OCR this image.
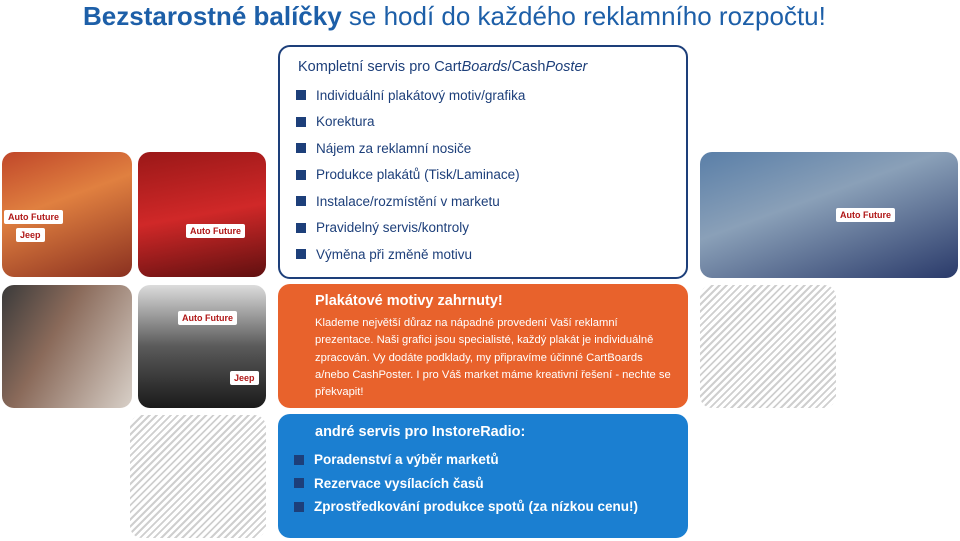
Bezstarostné balíčky se hodí do každého reklamního rozpočtu!
Auto Future
Jeep	Auto Future
Auto Future
Jeep
Auto Future
Kompletní servis pro CartBoards/CashPoster
Individuální plakátový motiv/grafika
Korektura
Nájem za reklamní nosiče
Produkce plakátů (Tisk/Laminace)
Instalace/rozmístění v marketu
Pravidelný servis/kontroly
Výměna při změně motivu
Plakátové motivy zahrnuty!
Klademe největší důraz na nápadné provedení Vaší reklamní prezentace. Naši grafici jsou specialisté, každý plakát je individuálně zpracován. Vy dodáte podklady, my připravíme účinné CartBoards a/nebo CashPoster. I pro Váš market máme kreativní řešení - nechte se překvapit!
andré servis pro InstoreRadio:
Poradenství a výběr marketů
Rezervace vysílacích časů
Zprostředkování produkce spotů (za nízkou cenu!)
